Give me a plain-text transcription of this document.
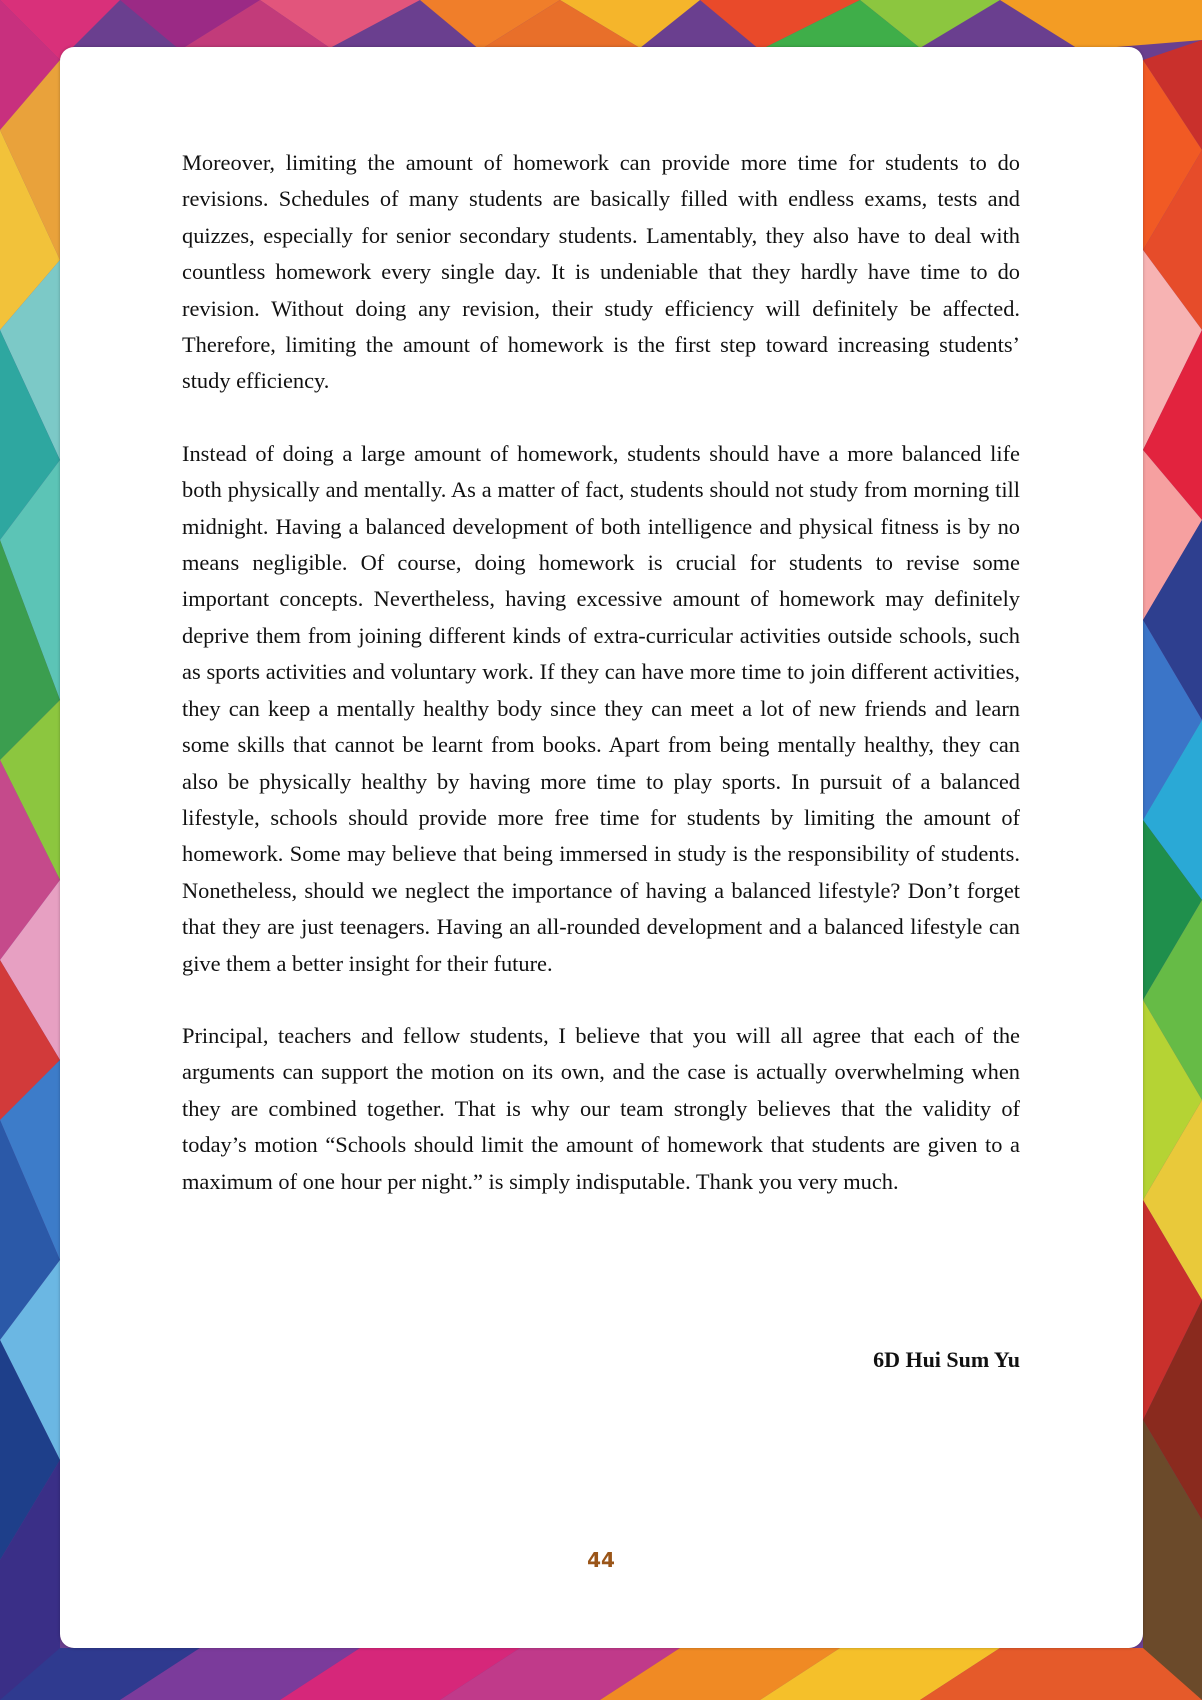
Moreover, limiting the amount of homework can provide more time for students to do revisions. Schedules of many students are basically filled with endless exams, tests and quizzes, especially for senior secondary students. Lamentably, they also have to deal with countless homework every single day. It is undeniable that they hardly have time to do revision. Without doing any revision, their study efficiency will definitely be affected. Therefore, limiting the amount of homework is the first step toward increasing students’ study efficiency.

Instead of doing a large amount of homework, students should have a more balanced life both physically and mentally. As a matter of fact, students should not study from morning till midnight. Having a balanced development of both intelligence and physical fitness is by no means negligible. Of course, doing homework is crucial for students to revise some important concepts. Nevertheless, having excessive amount of homework may definitely deprive them from joining different kinds of extra-curricular activities outside schools, such as sports activities and voluntary work. If they can have more time to join different activities, they can keep a mentally healthy body since they can meet a lot of new friends and learn some skills that cannot be learnt from books. Apart from being mentally healthy, they can also be physically healthy by having more time to play sports. In pursuit of a balanced lifestyle, schools should provide more free time for students by limiting the amount of homework. Some may believe that being immersed in study is the responsibility of students. Nonetheless, should we neglect the importance of having a balanced lifestyle? Don’t forget that they are just teenagers. Having an all-rounded development and a balanced lifestyle can give them a better insight for their future.

Principal, teachers and fellow students, I believe that you will all agree that each of the arguments can support the motion on its own, and the case is actually overwhelming when they are combined together. That is why our team strongly believes that the validity of today’s motion “Schools should limit the amount of homework that students are given to a maximum of one hour per night.” is simply indisputable. Thank you very much.

6D Hui Sum Yu

44
